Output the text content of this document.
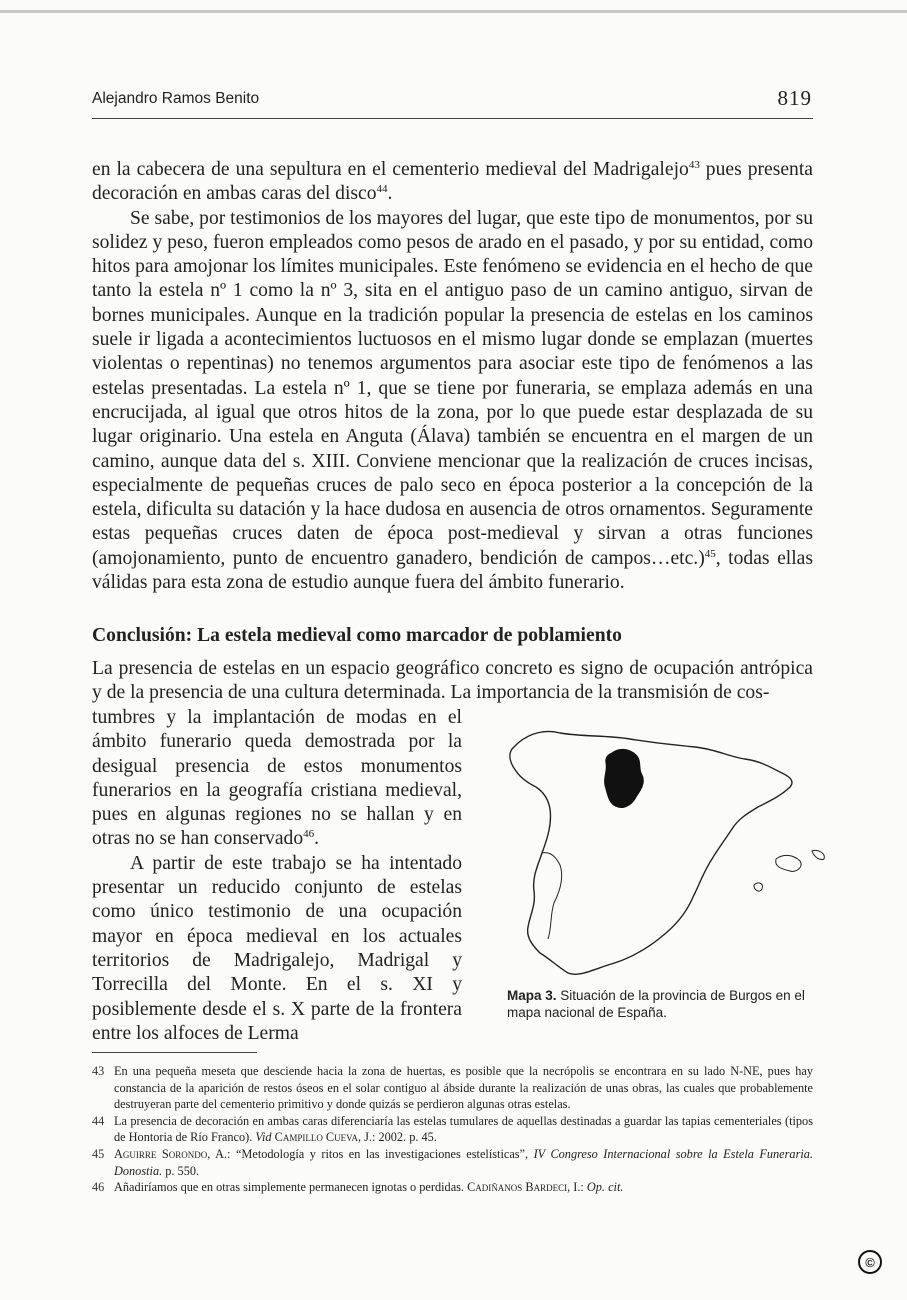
Alejandro Ramos Benito	819

en la cabecera de una sepultura en el cementerio medieval del Madrigalejo$^{43}$ pues presenta decoración en ambas caras del disco$^{44}$.

Se sabe, por testimonios de los mayores del lugar, que este tipo de monumentos, por su solidez y peso, fueron empleados como pesos de arado en el pasado, y por su entidad, como hitos para amojonar los límites municipales. Este fenómeno se evidencia en el hecho de que tanto la estela nº 1 como la nº 3, sita en el antiguo paso de un camino antiguo, sirvan de bornes municipales. Aunque en la tradición popular la presencia de estelas en los caminos suele ir ligada a acontecimientos luctuosos en el mismo lugar donde se emplazan (muertes violentas o repentinas) no tenemos argumentos para asociar este tipo de fenómenos a las estelas presentadas. La estela nº 1, que se tiene por funeraria, se emplaza además en una encrucijada, al igual que otros hitos de la zona, por lo que puede estar desplazada de su lugar originario. Una estela en Anguta (Álava) también se encuentra en el margen de un camino, aunque data del s. XIII. Conviene mencionar que la realización de cruces incisas, especialmente de pequeñas cruces de palo seco en época posterior a la concepción de la estela, dificulta su datación y la hace dudosa en ausencia de otros ornamentos. Seguramente estas pequeñas cruces daten de época post-medieval y sirvan a otras funciones (amojonamiento, punto de encuentro ganadero, bendición de campos…etc.)$^{45}$, todas ellas válidas para esta zona de estudio aunque fuera del ámbito funerario.

Conclusión: La estela medieval como marcador de poblamiento

La presencia de estelas en un espacio geográfico concreto es signo de ocupación antrópica y de la presencia de una cultura determinada. La importancia de la transmisión de cos-

tumbres y la implantación de modas en el ámbito funerario queda demostrada por la desigual presencia de estos monumentos funerarios en la geografía cristiana medieval, pues en algunas regiones no se hallan y en otras no se han conservado$^{46}$.

A partir de este trabajo se ha intentado presentar un reducido conjunto de estelas como único testimonio de una ocupación mayor en época medieval en los actuales territorios de Madrigalejo, Madrigal y Torrecilla del Monte. En el s. XI y posiblemente desde el s. X parte de la frontera entre los alfoces de Lerma

Mapa 3. Situación de la provincia de Burgos en el mapa nacional de España.
43 En una pequeña meseta que desciende hacia la zona de huertas, es posible que la necrópolis se encontrara en su lado N-NE, pues hay constancia de la aparición de restos óseos en el solar contiguo al ábside durante la realización de unas obras, las cuales que probablemente destruyeran parte del cementerio primitivo y donde quizás se perdieron algunas otras estelas.
44 La presencia de decoración en ambas caras diferenciaría las estelas tumulares de aquellas destinadas a guardar las tapias cementeriales (tipos de Hontoria de Río Franco). Vid Campillo Cueva, J.: 2002. p. 45.
45 Aguirre Sorondo, A.: “Metodología y ritos en las investigaciones estelísticas”, IV Congreso Internacional sobre la Estela Funeraria. Donostia. p. 550.
46 Añadiríamos que en otras simplemente permanecen ignotas o perdidas. Cadiñanos Bardeci, I.: Op. cit.
©
